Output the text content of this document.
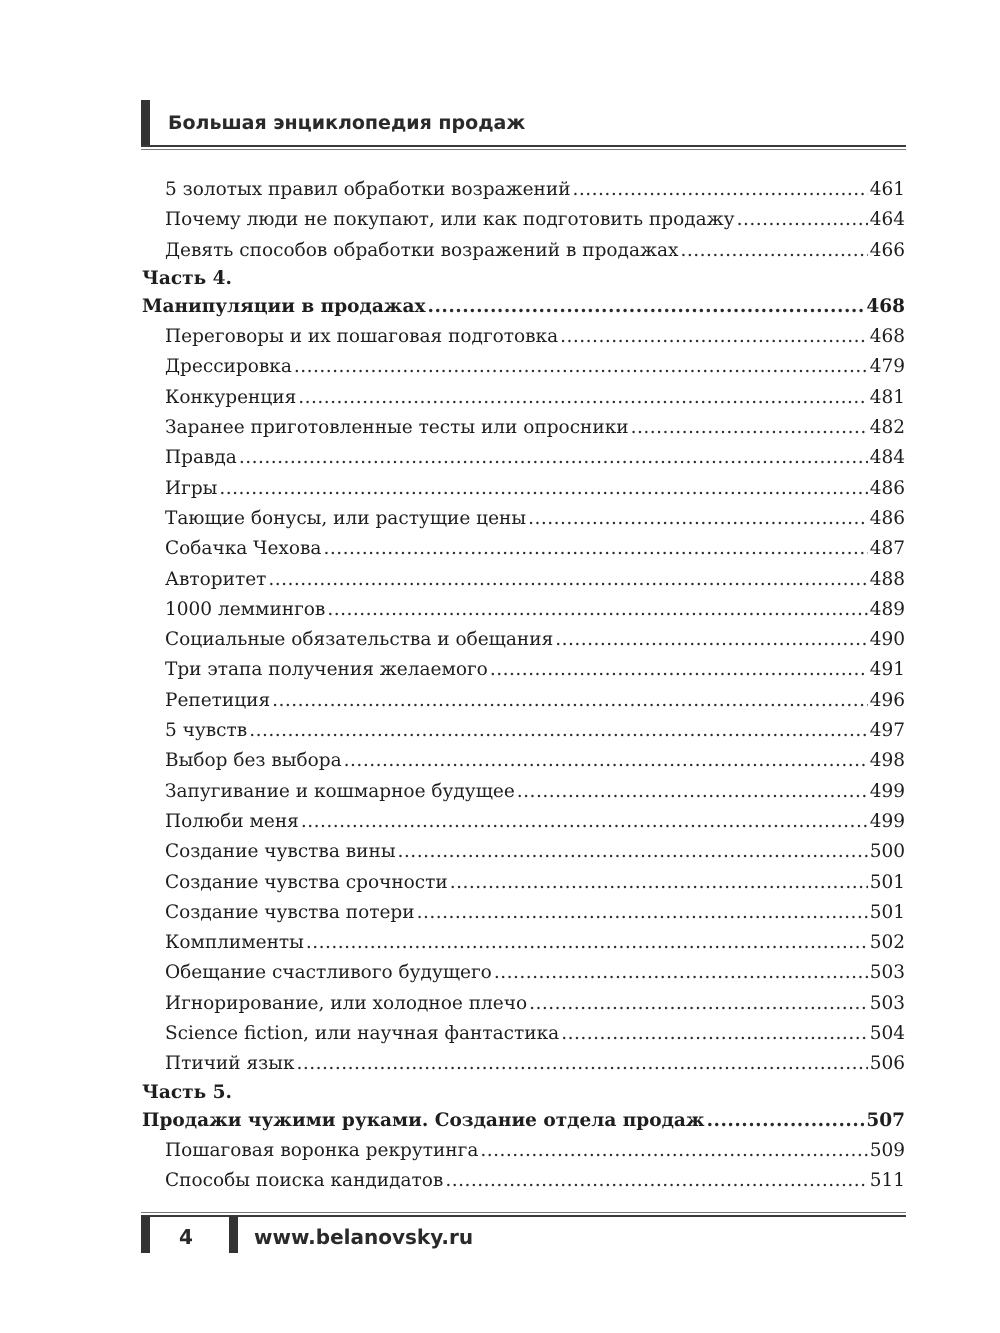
Большая энциклопедия продаж
5 золотых правил обработки возражений .....	461
Почему люди не покупают, или как подготовить продажу .....	464
Девять способов обработки возражений в продажах .....	466
Часть 4.
Манипуляции в продажах .....	468
Переговоры и их пошаговая подготовка .....	468
Дрессировка .....	479
Конкуренция .....	481
Заранее приготовленные тесты или опросники .....	482
Правда .....	484
Игры .....	486
Тающие бонусы, или растущие цены .....	486
Собачка Чехова .....	487
Авторитет .....	488
1000 леммингов .....	489
Социальные обязательства и обещания .....	490
Три этапа получения желаемого .....	491
Репетиция .....	496
5 чувств .....	497
Выбор без выбора .....	498
Запугивание и кошмарное будущее .....	499
Полюби меня .....	499
Создание чувства вины .....	500
Создание чувства срочности .....	501
Создание чувства потери .....	501
Комплименты .....	502
Обещание счастливого будущего .....	503
Игнорирование, или холодное плечо .....	503
Science fiction, или научная фантастика .....	504
Птичий язык .....	506
Часть 5.
Продажи чужими руками. Создание отдела продаж .....	507
Пошаговая воронка рекрутинга .....	509
Способы поиска кандидатов .....	511
4	www.belanovsky.ru
